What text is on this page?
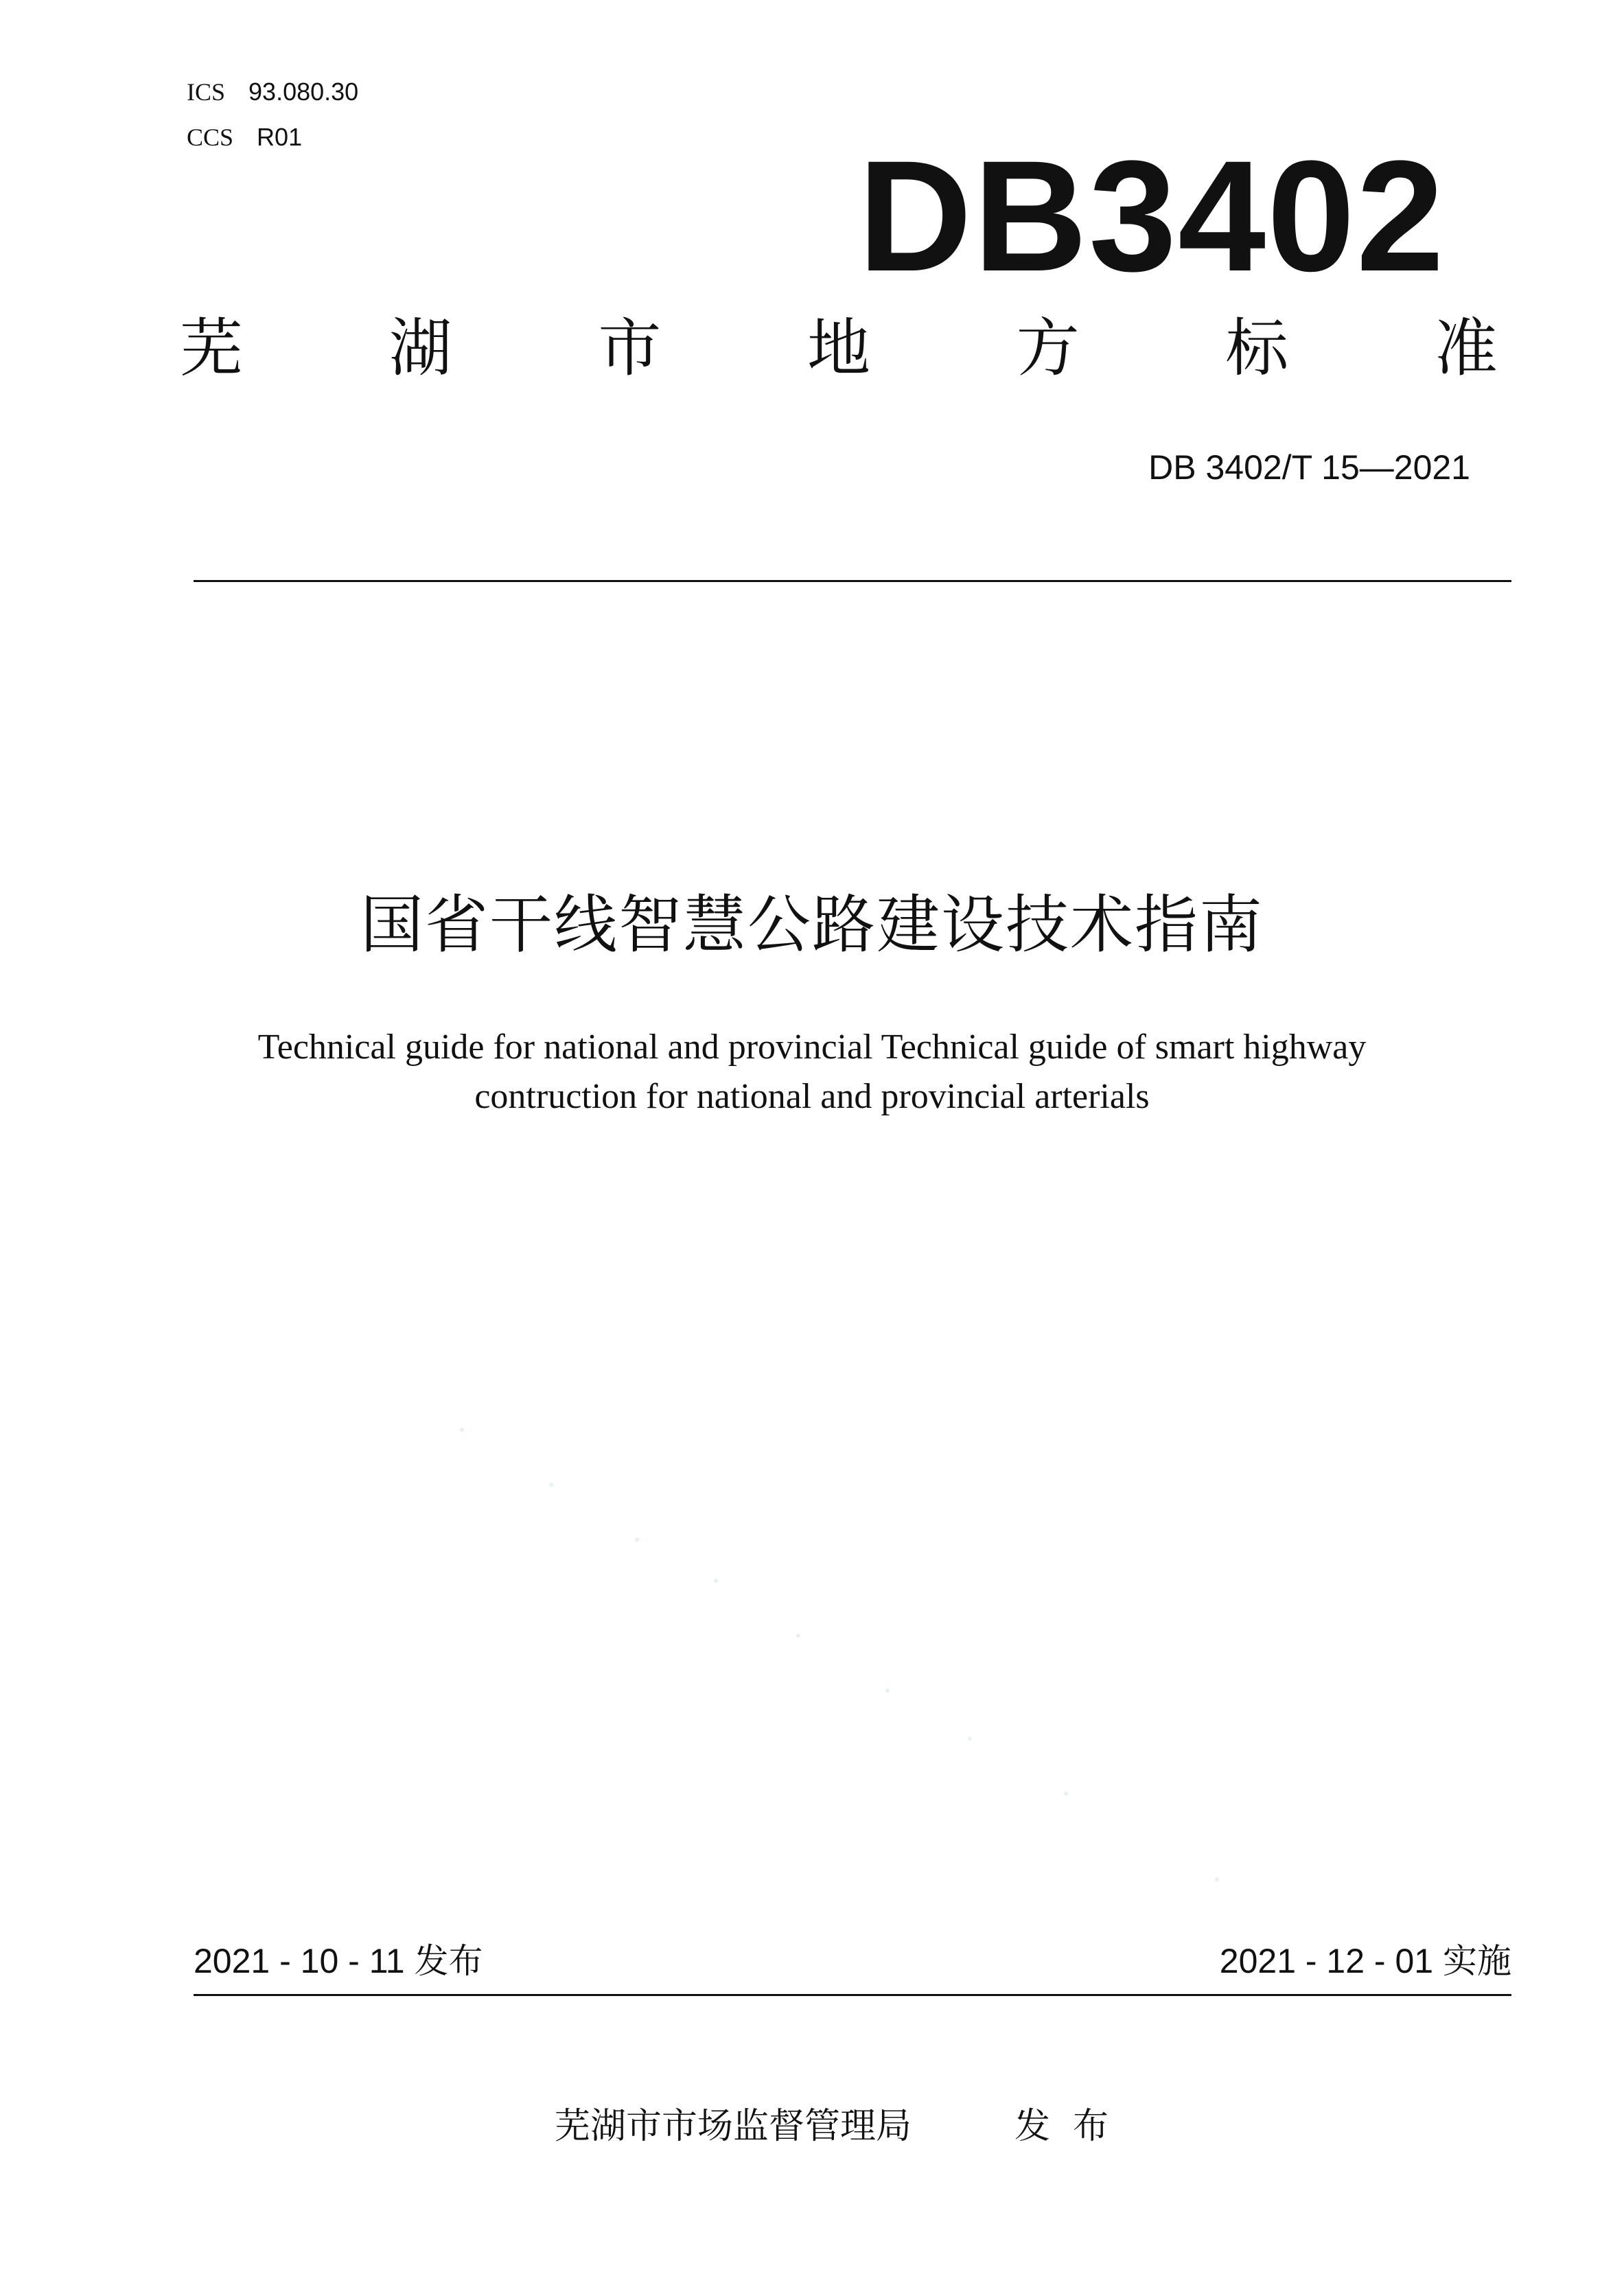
ICS 93.080.30
CCS R01	DB3402
芜 湖 市 地 方 标 准
DB 3402/T 15—2021
国省干线智慧公路建设技术指南
Technical guide for national and provincial Technical guide of smart highway
contruction for national and provincial arterials
2021 - 10 - 11 发布	2021 - 12 - 01 实施
芜湖市市场监督管理局	发  布
